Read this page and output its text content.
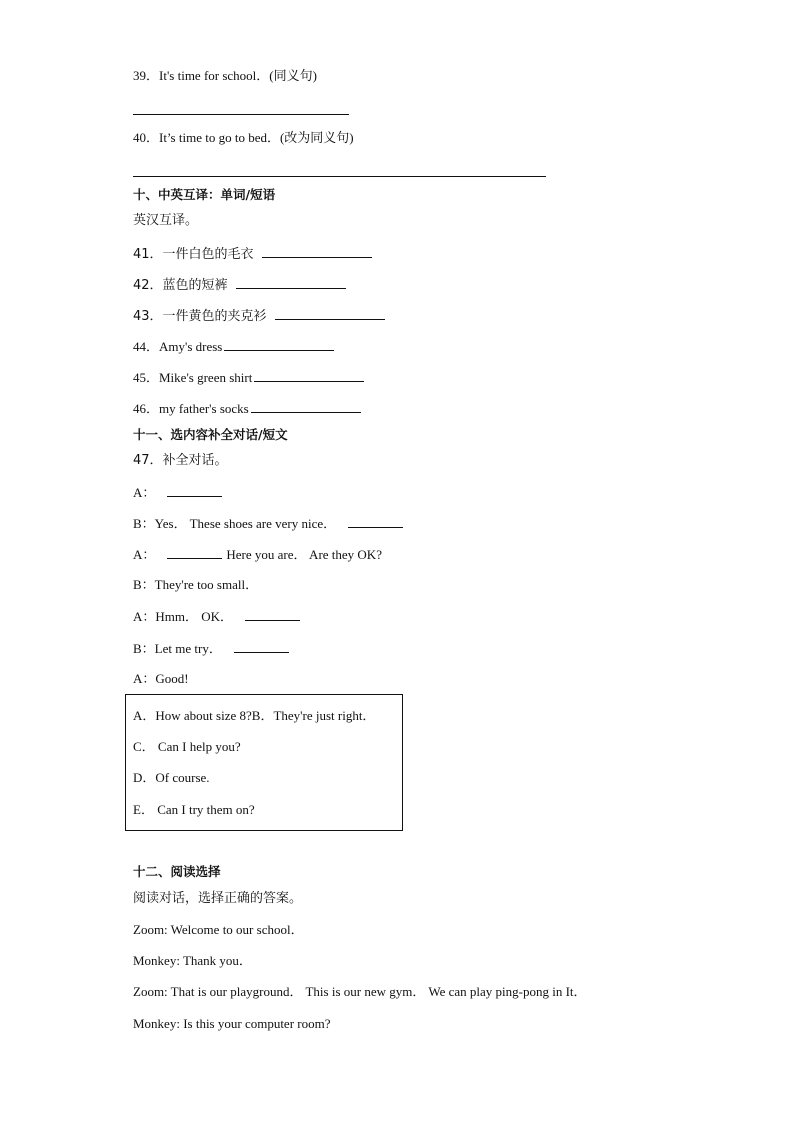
39．It's time for school．(同义句)
40．It’s time to go to bed．(改为同义句)
十、中英互译：单词/短语
英汉互译。
41．一件白色的毛衣
42．蓝色的短裤
43．一件黄色的夹克衫
44．Amy's dress
45．Mike's green shirt
46．my father's socks
十一、选内容补全对话/短文
47．补全对话。
A：
B：Yes． These shoes are very nice．
A：	Here you are． Are they OK?
B：They're too small．
A：Hmm． OK．
B：Let me try．
A：Good!
A．How about size 8?B．They're just right．
C． Can I help you?
D．Of course.
E． Can I try them on?
十二、阅读选择
阅读对话，选择正确的答案。
Zoom: Welcome to our school．
Monkey: Thank you．
Zoom: That is our playground． This is our new gym． We can play ping-pong in It．
Monkey: Is this your computer room?
